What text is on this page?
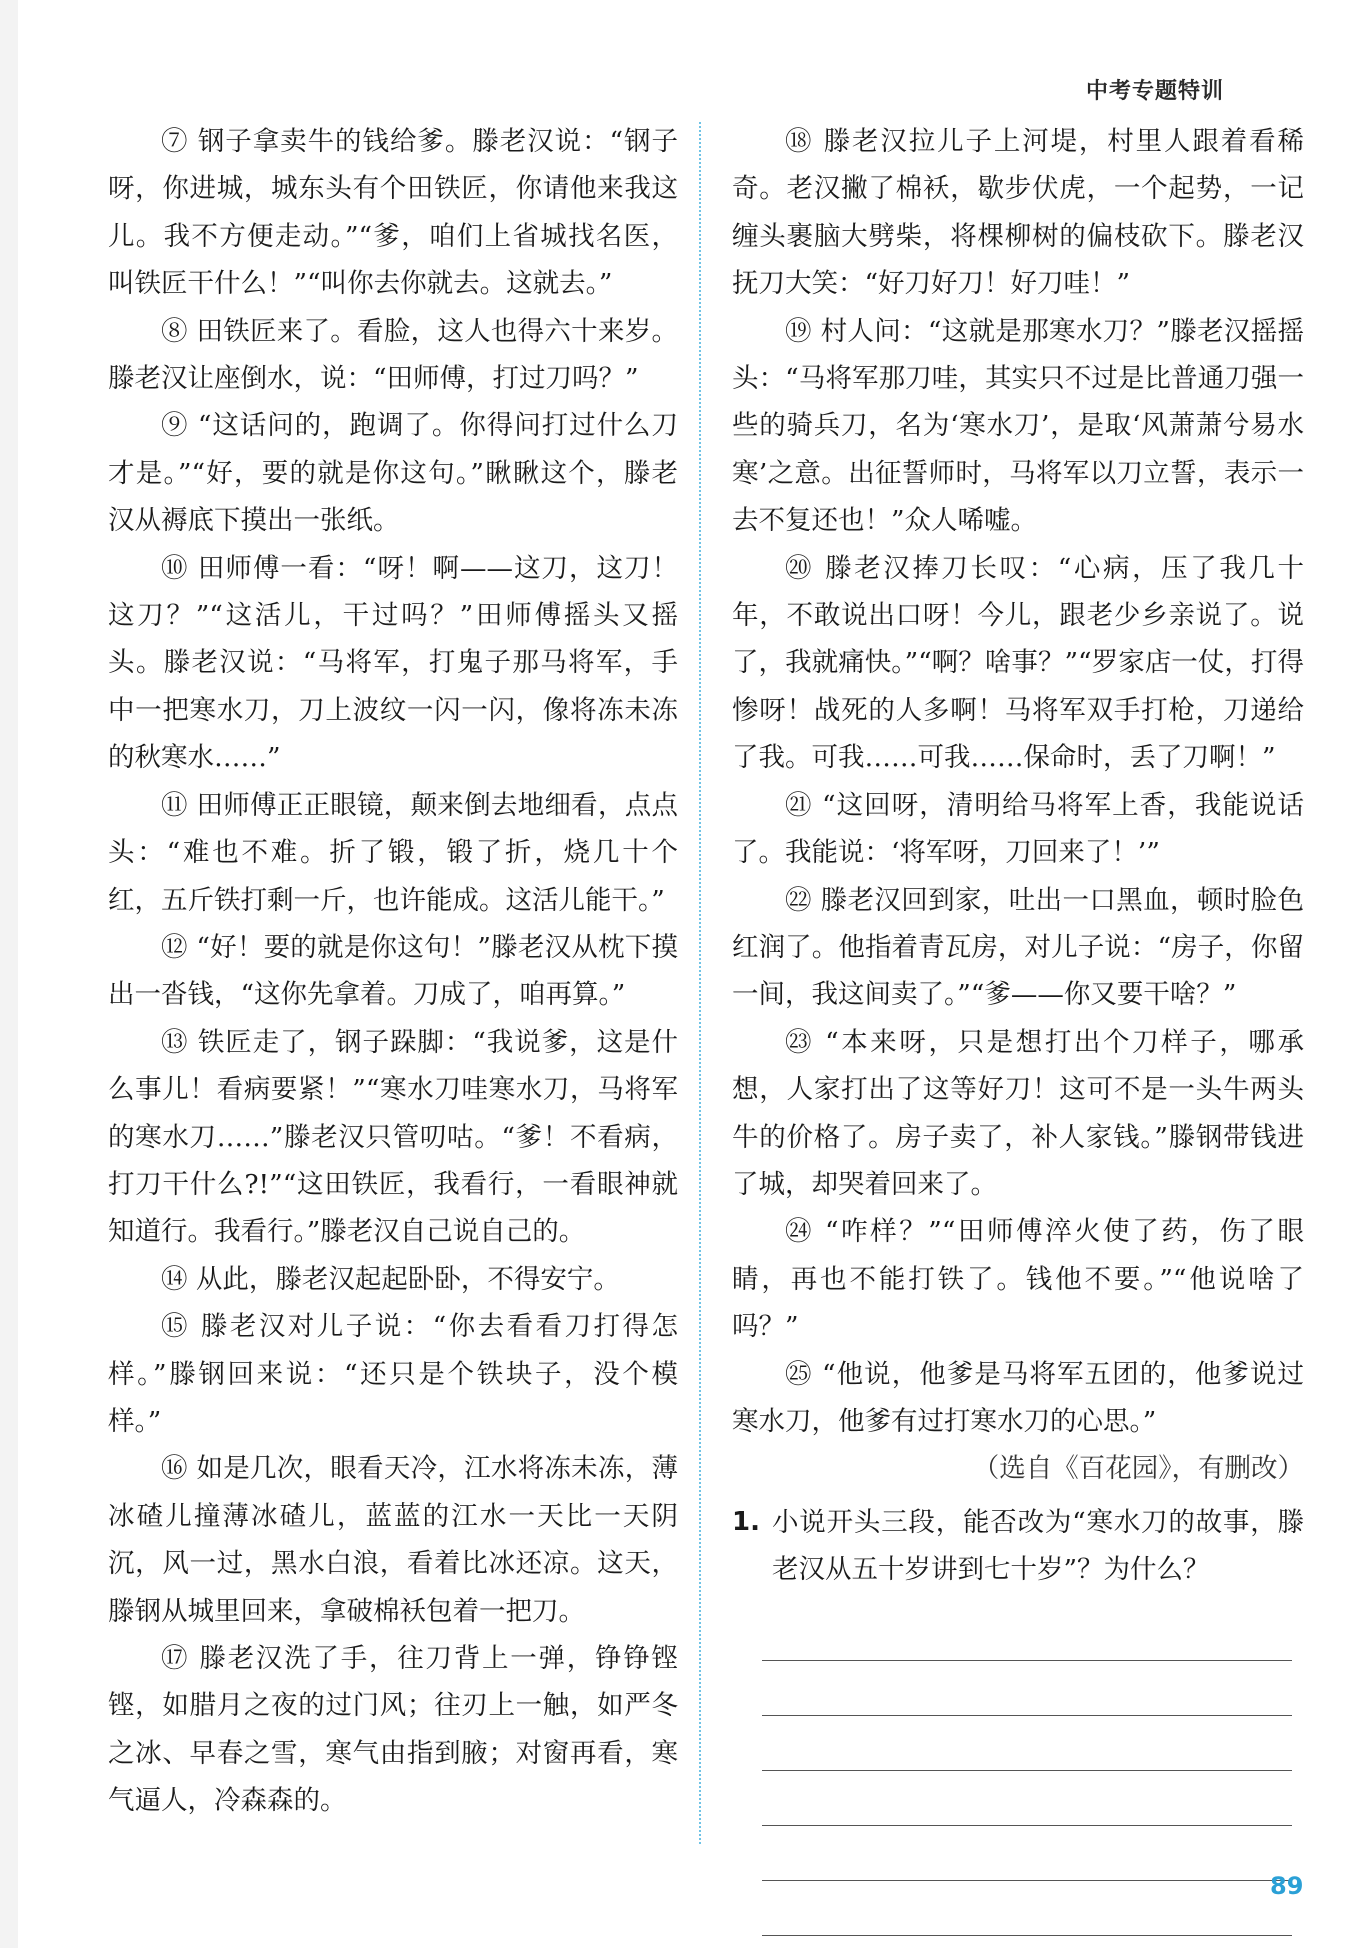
中考专题特训

⑦ 钢子拿卖牛的钱给爹。滕老汉说：“钢子呀，你进城，城东头有个田铁匠，你请他来我这儿。我不方便走动。”“爹，咱们上省城找名医，叫铁匠干什么！”“叫你去你就去。这就去。”

⑧ 田铁匠来了。看脸，这人也得六十来岁。滕老汉让座倒水，说：“田师傅，打过刀吗？”

⑨ “这话问的，跑调了。你得问打过什么刀才是。”“好，要的就是你这句。”瞅瞅这个，滕老汉从褥底下摸出一张纸。

⑩ 田师傅一看：“呀！啊——这刀，这刀！这刀？”“这活儿，干过吗？”田师傅摇头又摇头。滕老汉说：“马将军，打鬼子那马将军，手中一把寒水刀，刀上波纹一闪一闪，像将冻未冻的秋寒水……”

⑪ 田师傅正正眼镜，颠来倒去地细看，点点头：“难也不难。折了锻，锻了折，烧几十个红，五斤铁打剩一斤，也许能成。这活儿能干。”

⑫ “好！要的就是你这句！”滕老汉从枕下摸出一沓钱，“这你先拿着。刀成了，咱再算。”

⑬ 铁匠走了，钢子跺脚：“我说爹，这是什么事儿！看病要紧！”“寒水刀哇寒水刀，马将军的寒水刀……”滕老汉只管叨咕。“爹！不看病，打刀干什么?!”“这田铁匠，我看行，一看眼神就知道行。我看行。”滕老汉自己说自己的。

⑭ 从此，滕老汉起起卧卧，不得安宁。

⑮ 滕老汉对儿子说：“你去看看刀打得怎样。”滕钢回来说：“还只是个铁块子，没个模样。”

⑯ 如是几次，眼看天冷，江水将冻未冻，薄冰碴儿撞薄冰碴儿，蓝蓝的江水一天比一天阴沉，风一过，黑水白浪，看着比冰还凉。这天，滕钢从城里回来，拿破棉袄包着一把刀。

⑰ 滕老汉洗了手，往刀背上一弹，铮铮铿铿，如腊月之夜的过门风；往刃上一触，如严冬之冰、早春之雪，寒气由指到腋；对窗再看，寒气逼人，冷森森的。

⑱ 滕老汉拉儿子上河堤，村里人跟着看稀奇。老汉撇了棉袄，歇步伏虎，一个起势，一记缠头裹脑大劈柴，将棵柳树的偏枝砍下。滕老汉抚刀大笑：“好刀好刀！好刀哇！”

⑲ 村人问：“这就是那寒水刀？”滕老汉摇摇头：“马将军那刀哇，其实只不过是比普通刀强一些的骑兵刀，名为‘寒水刀’，是取‘风萧萧兮易水寒’之意。出征誓师时，马将军以刀立誓，表示一去不复还也！”众人唏嘘。

⑳ 滕老汉捧刀长叹：“心病，压了我几十年，不敢说出口呀！今儿，跟老少乡亲说了。说了，我就痛快。”“啊？啥事？”“罗家店一仗，打得惨呀！战死的人多啊！马将军双手打枪，刀递给了我。可我……可我……保命时，丢了刀啊！”

㉑ “这回呀，清明给马将军上香，我能说话了。我能说：‘将军呀，刀回来了！’”

㉒ 滕老汉回到家，吐出一口黑血，顿时脸色红润了。他指着青瓦房，对儿子说：“房子，你留一间，我这间卖了。”“爹——你又要干啥？”

㉓ “本来呀，只是想打出个刀样子，哪承想，人家打出了这等好刀！这可不是一头牛两头牛的价格了。房子卖了，补人家钱。”滕钢带钱进了城，却哭着回来了。

㉔ “咋样？”“田师傅淬火使了药，伤了眼睛，再也不能打铁了。钱他不要。”“他说啥了吗？”

㉕ “他说，他爹是马将军五团的，他爹说过寒水刀，他爹有过打寒水刀的心思。”

（选自《百花园》，有删改）
1. 小说开头三段，能否改为“寒水刀的故事，滕老汉从五十岁讲到七十岁”？为什么？
89
